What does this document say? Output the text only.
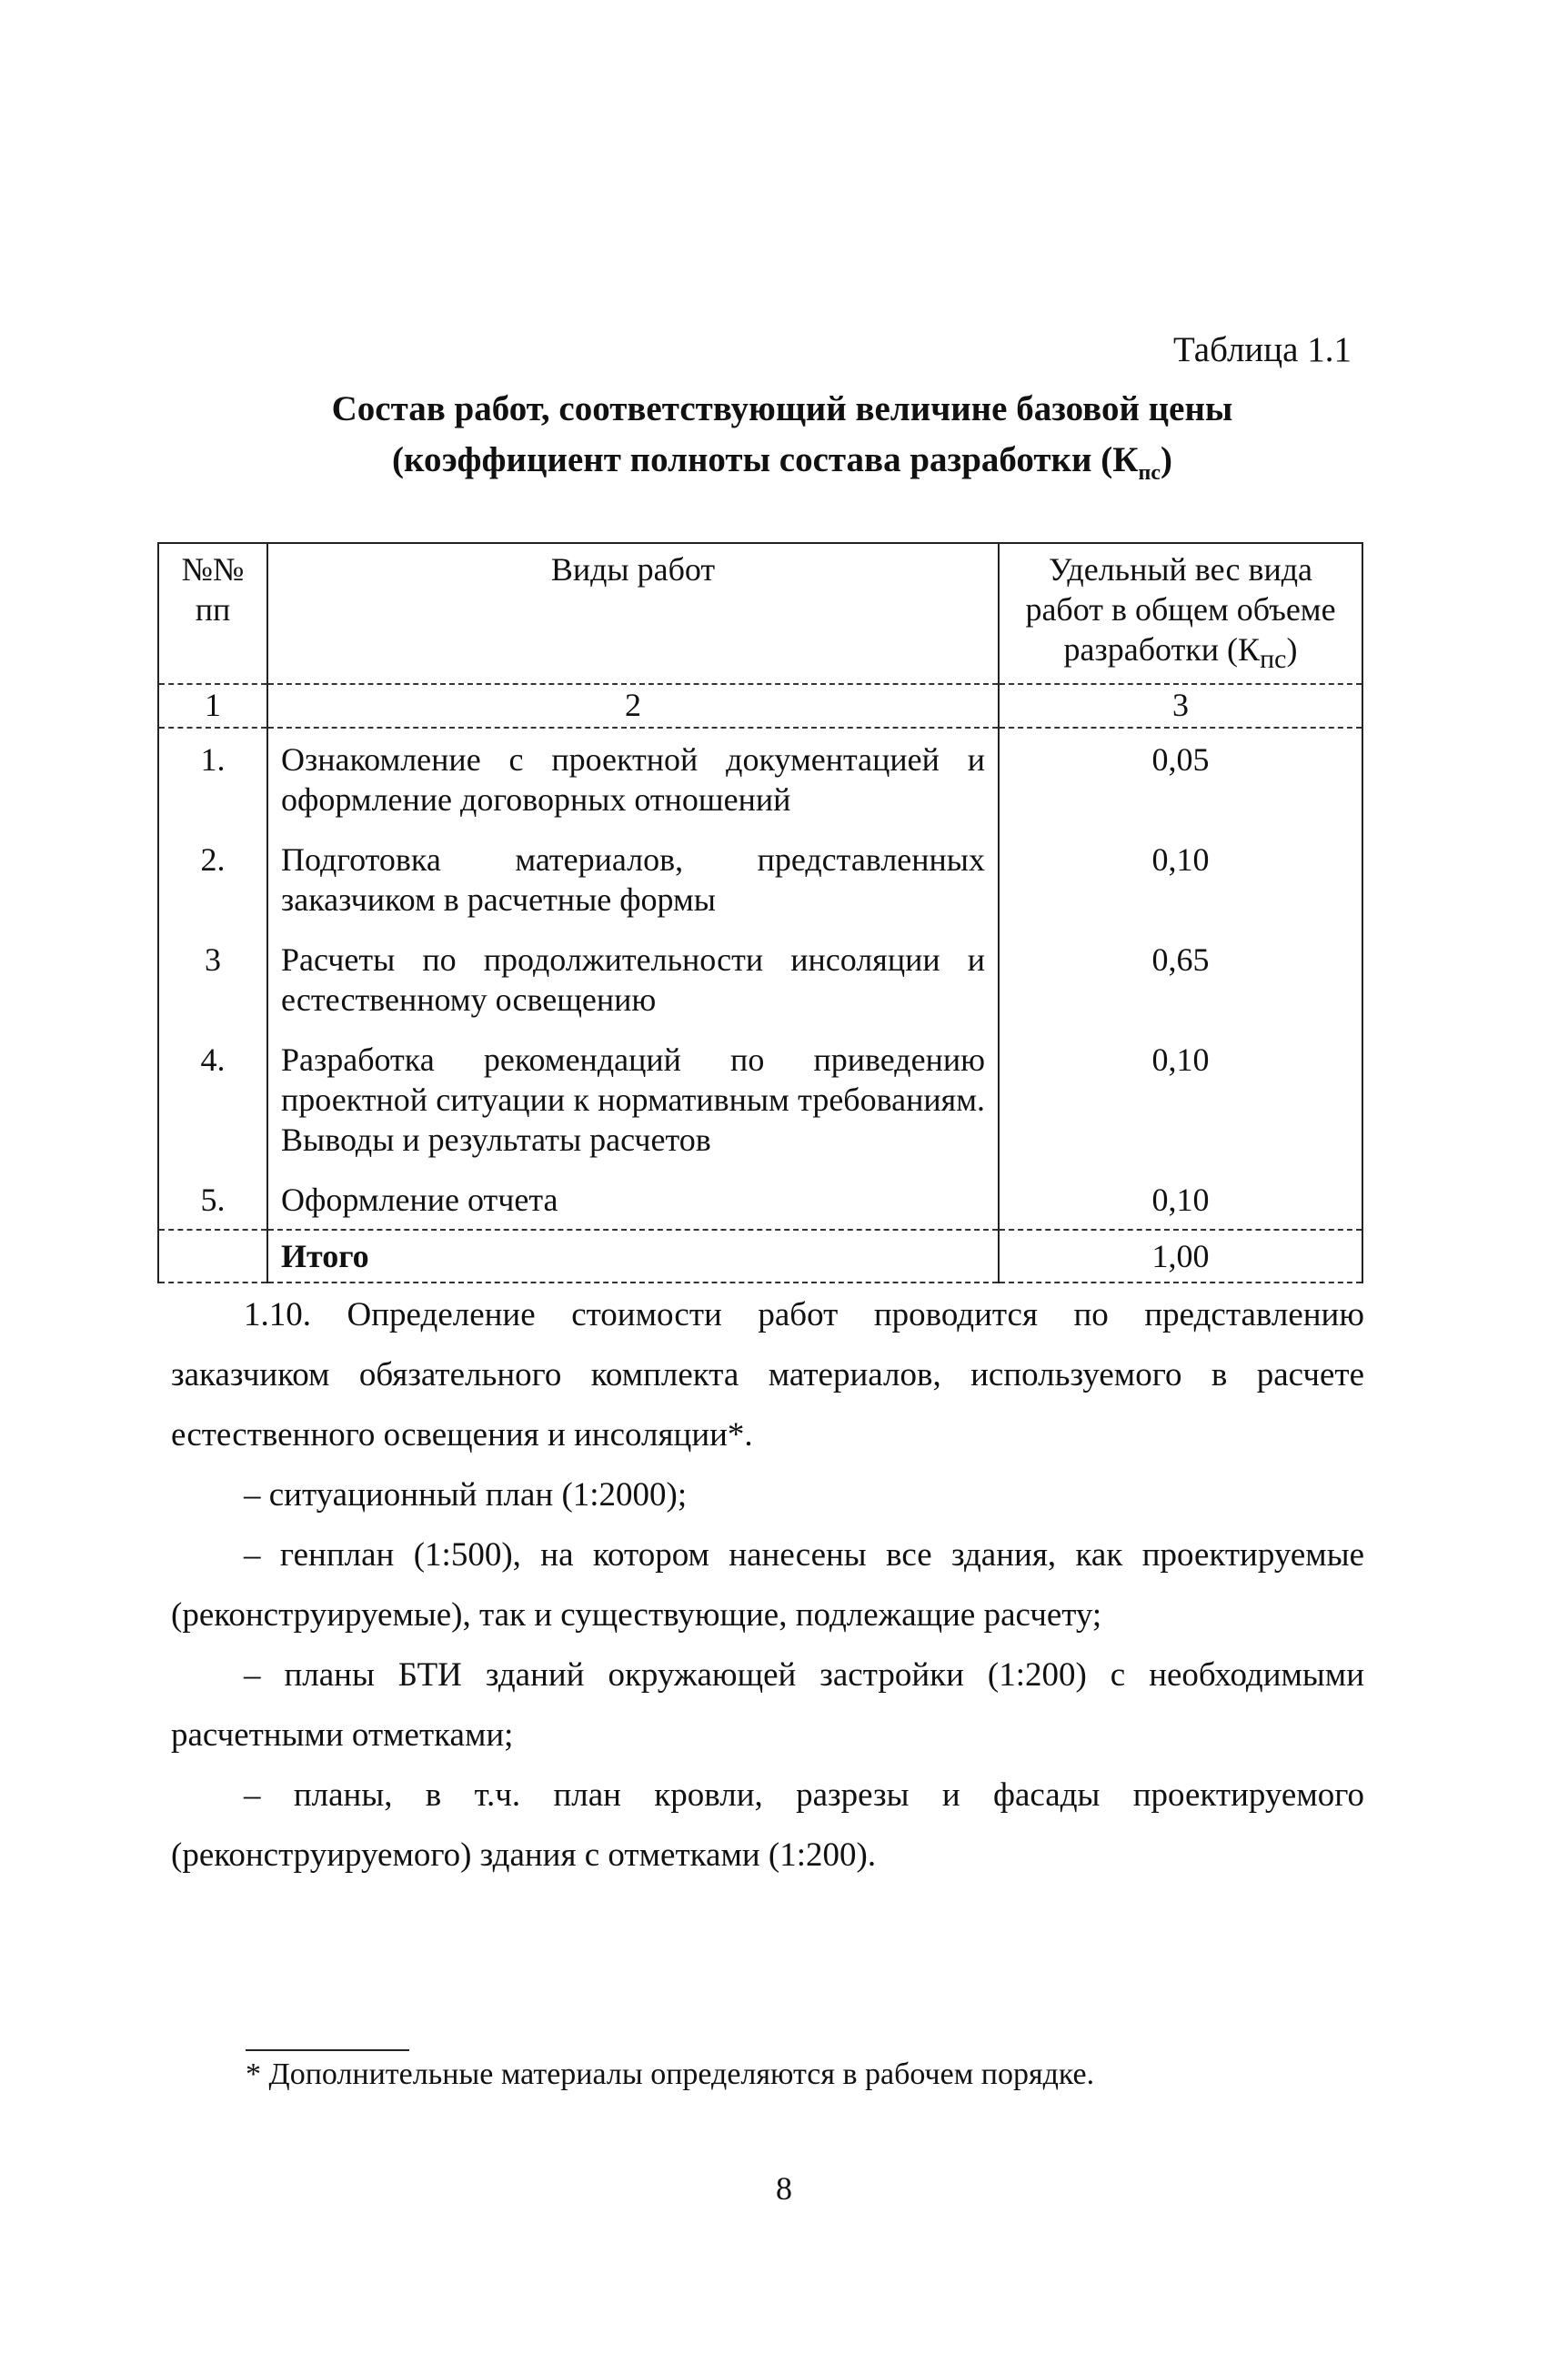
Таблица 1.1
Состав работ, соответствующий величине базовой цены
(коэффициент полноты состава разработки $(К_{пс})$
№№ пп	Виды работ	Удельный вес вида работ в общем объеме разработки $(К_{пс})$
1	2	3
1.	Ознакомление с проектной документацией и оформление договорных отношений	0,05
2.	Подготовка материалов, представленных заказчиком в расчетные формы	0,10
3	Расчеты по продолжительности инсоляции и естественному освещению	0,65
4.	Разработка рекомендаций по приведению проектной ситуации к нормативным требованиям. Выводы и результаты расчетов	0,10
5.	Оформление отчета	0,10
	Итого	1,00

1.10. Определение стоимости работ проводится по представлению заказчиком обязательного комплекта материалов, используемого в расчете естественного освещения и инсоляции*.

– ситуационный план (1:2000);

– генплан (1:500), на котором нанесены все здания, как проектируемые (реконструируемые), так и существующие, подлежащие расчету;

– планы БТИ зданий окружающей застройки (1:200) с необходимыми расчетными отметками;

– планы, в т.ч. план кровли, разрезы и фасады проектируемого (реконструируемого) здания с отметками (1:200).

* Дополнительные материалы определяются в рабочем порядке.
8
